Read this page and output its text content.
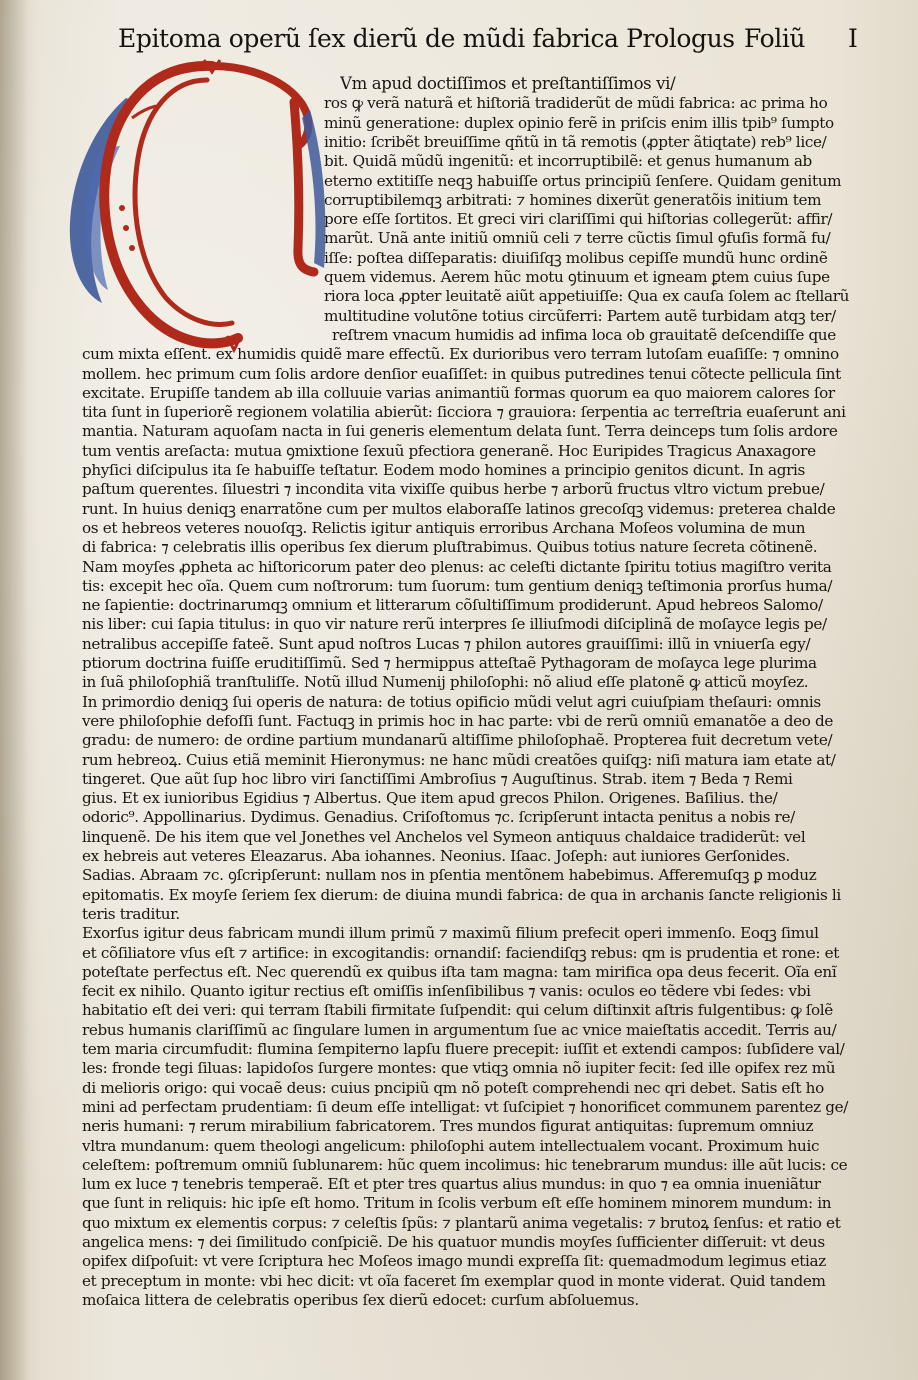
Epitoma operũ ſex dierũ de mũdi fabrica Prologus Foliũ I
Vm apud doctiſſimos et preſtantiſſimos vi/
ros ꝙ verã naturã et hiſtoriã tradiderũt de mũdi fabrica: ac prima ho
minũ generatione: duplex opinio ferẽ in priſcis enim illis tpib⁹ ſumpto
initio: ſcribẽt breuiſſime qñtũ in tã remotis (ꝓpter ãtiqtate) reb⁹ lice/
bit. Quidã mũdũ ingenitũ: et incorruptibilẽ: et genus humanum ab
eterno extitiſſe neqꝫ habuiſſe ortus principiũ ſenſere. Quidam genitum
corruptibilemqꝫ arbitrati: ⁊ homines dixerũt generatõis initium tem
pore eſſe ſortitos. Et greci viri clariſſimi qui hiſtorias collegerũt: affir/
marũt. Unã ante initiũ omniũ celi ⁊ terre cũctis ſimul ꝯfuſis formã fu/
iſſe: poſtea diſſeparatis: diuiſiſqꝫ molibus cepiſſe mundũ hunc ordinẽ
quem videmus. Aerem hũc motu ꝯtinuum et igneam ꝑtem cuius ſupe
riora loca ꝓpter leuitatẽ aiũt appetiuiſſe: Qua ex cauſa ſolem ac ſtellarũ
multitudine volutõne totius circũferri: Partem autẽ turbidam atqꝫ ter/
reſtrem vnacum humidis ad infima loca ob grauitatẽ deſcendiſſe que
cum mixta eſſent. ex humidis quidẽ mare effectũ. Ex durioribus vero terram lutoſam euaſiſſe: ⁊ omnino
mollem. hec primum cum ſolis ardore denſior euaſiſſet: in quibus putredines tenui cõtecte pellicula ſint
excitate. Erupiſſe tandem ab illa colluuie varias animantiũ formas quorum ea quo maiorem calores ſor
tita ſunt in ſuperiorẽ regionem volatilia abierũt: ſicciora ⁊ grauiora: ſerpentia ac terreſtria euaſerunt ani
mantia. Naturam aquoſam nacta in ſui generis elementum delata ſunt. Terra deinceps tum ſolis ardore
tum ventis areſacta: mutua ꝯmixtione ſexuũ pfectiora generanẽ. Hoc Euripides Tragicus Anaxagore
phyſici diſcipulus ita ſe habuiſſe teſtatur. Eodem modo homines a principio genitos dicunt. In agris
paſtum querentes. ſiluestri ⁊ incondita vita vixiſſe quibus herbe ⁊ arborũ fructus vltro victum prebue/
runt. In huius deniqꝫ enarratõne cum per multos elaboraſſe latinos grecoſqꝫ videmus: preterea chalde
os et hebreos veteres nouoſqꝫ. Relictis igitur antiquis erroribus Archana Moſeos volumina de mun
di fabrica: ⁊ celebratis illis operibus ſex dierum pluſtrabimus. Quibus totius nature ſecreta cõtinenẽ.
Nam moyſes ꝓpheta ac hiſtoricorum pater deo plenus: ac celeſti dictante ſpiritu totius magiſtro verita
tis: excepit hec oĩa. Quem cum noſtrorum: tum ſuorum: tum gentium deniqꝫ teſtimonia prorſus huma/
ne ſapientie: doctrinarumqꝫ omnium et litterarum cõſultiſſimum prodiderunt. Apud hebreos Salomo/
nis liber: cui ſapia titulus: in quo vir nature rerũ interpres ſe illiuſmodi diſciplinã de moſayce legis pe/
netralibus accepiſſe fateẽ. Sunt apud noſtros Lucas ⁊ philon autores grauiſſimi: illũ in vniuerſa egy/
ptiorum doctrina fuiſſe eruditiſſimũ. Sed ⁊ hermippus atteſtaẽ Pythagoram de moſayca lege plurima
in ſuã philoſophiã tranſtuliſſe. Notũ illud Numenij philoſophi: nõ aliud eſſe platonẽ ꝙ atticũ moyſez.
In primordio deniqꝫ ſui operis de natura: de totius opificio mũdi velut agri cuiuſpiam theſauri: omnis
vere philoſophie defoſſi ſunt. Factuqꝫ in primis hoc in hac parte: vbi de rerũ omniũ emanatõe a deo de
gradu: de numero: de ordine partium mundanarũ altiſſime philoſophaẽ. Propterea fuit decretum vete/
rum hebreoꝝ. Cuius etiã meminit Hieronymus: ne hanc mũdi creatões quiſqꝫ: niſi matura iam etate at/
tingeret. Que aũt ſup hoc libro viri ſanctiſſimi Ambroſius ⁊ Auguſtinus. Strab. item ⁊ Beda ⁊ Remi
gius. Et ex iunioribus Egidius ⁊ Albertus. Que item apud grecos Philon. Origenes. Baſilius. the/
odoric⁹. Appollinarius. Dydimus. Genadius. Criſoſtomus ⁊c. ſcripſerunt intacta penitus a nobis re/
linquenẽ. De his item que vel Jonethes vel Anchelos vel Symeon antiquus chaldaice tradiderũt: vel
ex hebreis aut veteres Eleazarus. Aba iohannes. Neonius. Iſaac. Joſeph: aut iuniores Gerſonides.
Sadias. Abraam ⁊c. ꝯſcripſerunt: nullam nos in pſentia mentõnem habebimus. Afferemuſqꝫ ꝑ moduz
epitomatis. Ex moyſe ſeriem ſex dierum: de diuina mundi fabrica: de qua in archanis ſancte religionis li
teris traditur.
Exorſus igitur deus fabricam mundi illum primũ ⁊ maximũ filium prefecit operi immenſo. Eoqꝫ ſimul
et cõſiliatore vſus eſt ⁊ artifice: in excogitandis: ornandiſ: faciendiſqꝫ rebus: qm is prudentia et rone: et
poteſtate perfectus eſt. Nec querendũ ex quibus iſta tam magna: tam mirifica opa deus fecerit. Oĩa enĩ
fecit ex nihilo. Quanto igitur rectius eſt omiſſis inſenſibilibus ⁊ vanis: oculos eo tẽdere vbi ſedes: vbi
habitatio eſt dei veri: qui terram ſtabili firmitate ſuſpendit: qui celum diſtinxit aſtris fulgentibus: ꝙ ſolẽ
rebus humanis clariſſimũ ac ſingulare lumen in argumentum ſue ac vnice maieſtatis accedit. Terris au/
tem maria circumfudit: flumina ſempiterno lapſu fluere precepit: iuſſit et extendi campos: ſubſidere val/
les: fronde tegi ſiluas: lapidoſos ſurgere montes: que vtiqꝫ omnia nõ iupiter fecit: ſed ille opifex rez mũ
di melioris origo: qui vocaẽ deus: cuius pncipiũ qm nõ poteſt comprehendi nec qri debet. Satis eſt ho
mini ad perfectam prudentiam: ſi deum eſſe intelligat: vt ſuſcipiet ⁊ honorificet communem parentez ge/
neris humani: ⁊ rerum mirabilium fabricatorem. Tres mundos figurat antiquitas: ſupremum omniuz
vltra mundanum: quem theologi angelicum: philoſophi autem intellectualem vocant. Proximum huic
celeſtem: poſtremum omniũ ſublunarem: hũc quem incolimus: hic tenebrarum mundus: ille aũt lucis: ce
lum ex luce ⁊ tenebris temperaẽ. Eſt et pter tres quartus alius mundus: in quo ⁊ ea omnia inueniãtur
que ſunt in reliquis: hic ipſe eſt homo. Tritum in ſcolis verbum eſt eſſe hominem minorem mundum: in
quo mixtum ex elementis corpus: ⁊ celeſtis ſpũs: ⁊ plantarũ anima vegetalis: ⁊ brutoꝝ ſenſus: et ratio et
angelica mens: ⁊ dei ſimilitudo conſpiciẽ. De his quatuor mundis moyſes ſufficienter diſſeruit: vt deus
opifex diſpoſuit: vt vere ſcriptura hec Moſeos imago mundi expreſſa ſit: quemadmodum legimus etiaz
et preceptum in monte: vbi hec dicit: vt oĩa faceret ſm exemplar quod in monte viderat. Quid tandem
moſaica littera de celebratis operibus ſex dierũ edocet: curſum abſoluemus.
